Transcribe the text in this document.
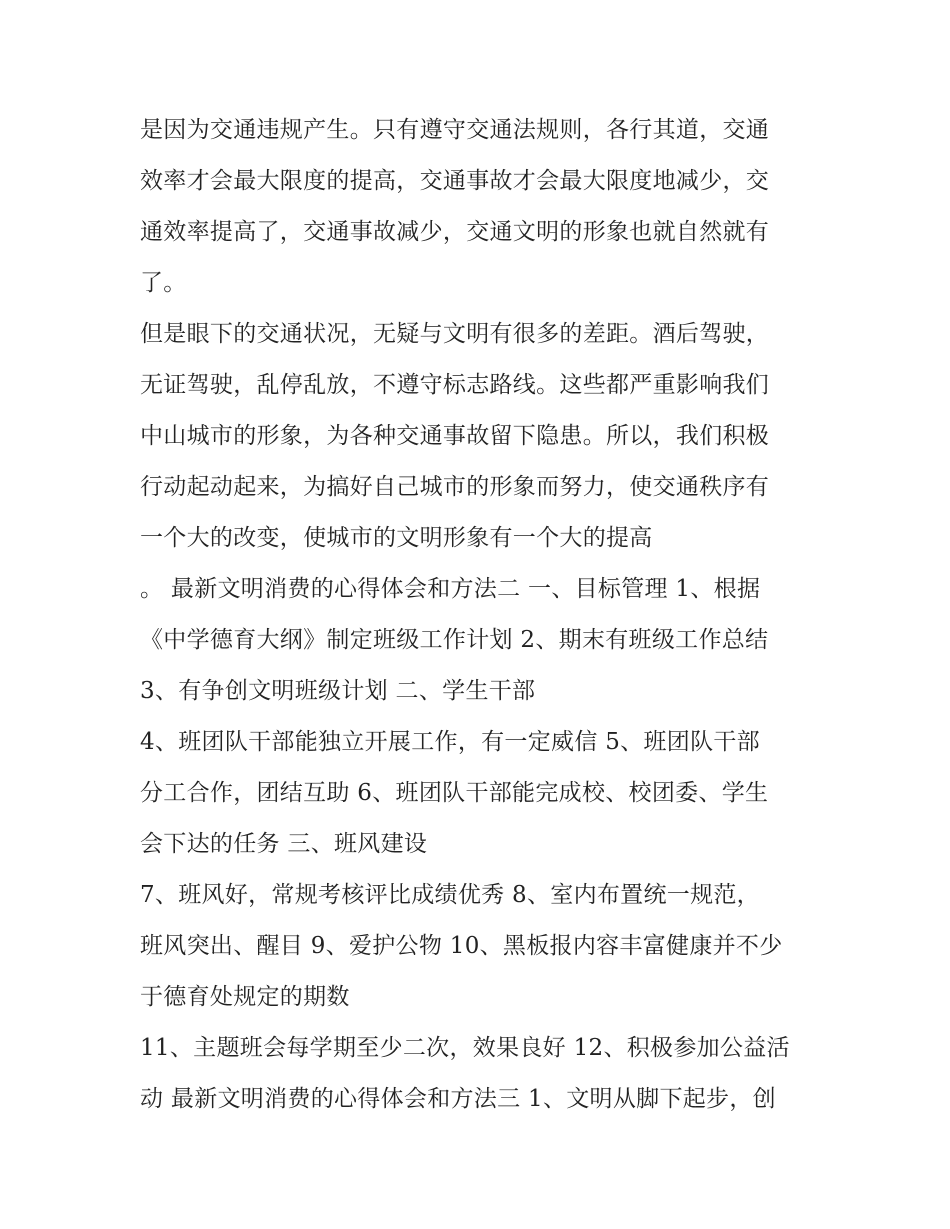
是因为交通违规产生。只有遵守交通法规则，各行其道，交通
效率才会最大限度的提高，交通事故才会最大限度地减少，交
通效率提高了，交通事故减少，交通文明的形象也就自然就有
了。
但是眼下的交通状况，无疑与文明有很多的差距。酒后驾驶，
无证驾驶，乱停乱放，不遵守标志路线。这些都严重影响我们
中山城市的形象，为各种交通事故留下隐患。所以，我们积极
行动起动起来，为搞好自己城市的形象而努力，使交通秩序有
一个大的改变，使城市的文明形象有一个大的提高
。 最新文明消费的心得体会和方法二 一、目标管理 1、根据
《中学德育大纲》制定班级工作计划 2、期末有班级工作总结
3、有争创文明班级计划 二、学生干部
4、班团队干部能独立开展工作，有一定威信 5、班团队干部
分工合作，团结互助 6、班团队干部能完成校、校团委、学生
会下达的任务 三、班风建设
7、班风好，常规考核评比成绩优秀 8、室内布置统一规范，
班风突出、醒目 9、爱护公物 10、黑板报内容丰富健康并不少
于德育处规定的期数
11、主题班会每学期至少二次，效果良好 12、积极参加公益活
动 最新文明消费的心得体会和方法三 1、文明从脚下起步，创
